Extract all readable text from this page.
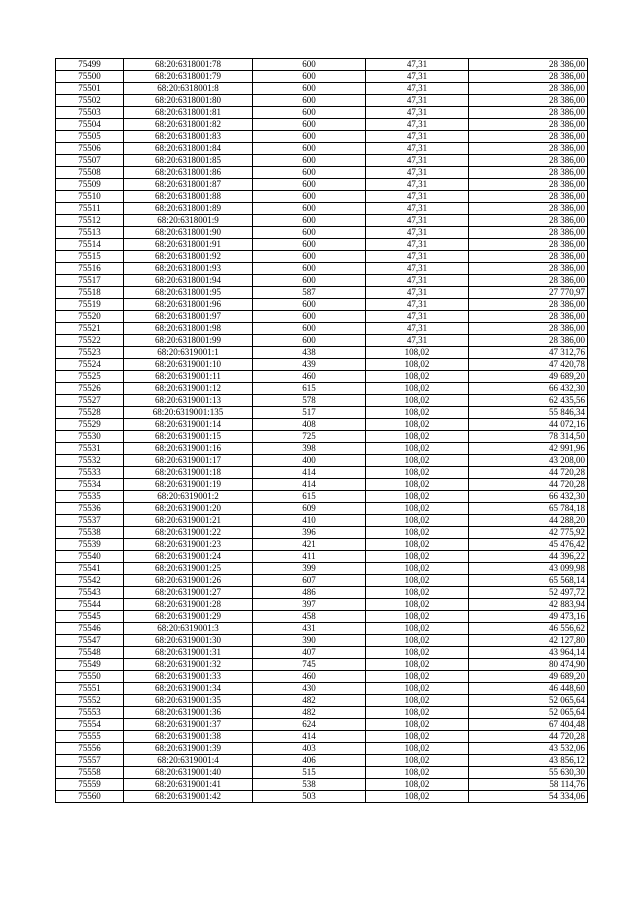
75499	68:20:6318001:78	600	47,31	28 386,00
75500	68:20:6318001:79	600	47,31	28 386,00
75501	68:20:6318001:8	600	47,31	28 386,00
75502	68:20:6318001:80	600	47,31	28 386,00
75503	68:20:6318001:81	600	47,31	28 386,00
75504	68:20:6318001:82	600	47,31	28 386,00
75505	68:20:6318001:83	600	47,31	28 386,00
75506	68:20:6318001:84	600	47,31	28 386,00
75507	68:20:6318001:85	600	47,31	28 386,00
75508	68:20:6318001:86	600	47,31	28 386,00
75509	68:20:6318001:87	600	47,31	28 386,00
75510	68:20:6318001:88	600	47,31	28 386,00
75511	68:20:6318001:89	600	47,31	28 386,00
75512	68:20:6318001:9	600	47,31	28 386,00
75513	68:20:6318001:90	600	47,31	28 386,00
75514	68:20:6318001:91	600	47,31	28 386,00
75515	68:20:6318001:92	600	47,31	28 386,00
75516	68:20:6318001:93	600	47,31	28 386,00
75517	68:20:6318001:94	600	47,31	28 386,00
75518	68:20:6318001:95	587	47,31	27 770,97
75519	68:20:6318001:96	600	47,31	28 386,00
75520	68:20:6318001:97	600	47,31	28 386,00
75521	68:20:6318001:98	600	47,31	28 386,00
75522	68:20:6318001:99	600	47,31	28 386,00
75523	68:20:6319001:1	438	108,02	47 312,76
75524	68:20:6319001:10	439	108,02	47 420,78
75525	68:20:6319001:11	460	108,02	49 689,20
75526	68:20:6319001:12	615	108,02	66 432,30
75527	68:20:6319001:13	578	108,02	62 435,56
75528	68:20:6319001:135	517	108,02	55 846,34
75529	68:20:6319001:14	408	108,02	44 072,16
75530	68:20:6319001:15	725	108,02	78 314,50
75531	68:20:6319001:16	398	108,02	42 991,96
75532	68:20:6319001:17	400	108,02	43 208,00
75533	68:20:6319001:18	414	108,02	44 720,28
75534	68:20:6319001:19	414	108,02	44 720,28
75535	68:20:6319001:2	615	108,02	66 432,30
75536	68:20:6319001:20	609	108,02	65 784,18
75537	68:20:6319001:21	410	108,02	44 288,20
75538	68:20:6319001:22	396	108,02	42 775,92
75539	68:20:6319001:23	421	108,02	45 476,42
75540	68:20:6319001:24	411	108,02	44 396,22
75541	68:20:6319001:25	399	108,02	43 099,98
75542	68:20:6319001:26	607	108,02	65 568,14
75543	68:20:6319001:27	486	108,02	52 497,72
75544	68:20:6319001:28	397	108,02	42 883,94
75545	68:20:6319001:29	458	108,02	49 473,16
75546	68:20:6319001:3	431	108,02	46 556,62
75547	68:20:6319001:30	390	108,02	42 127,80
75548	68:20:6319001:31	407	108,02	43 964,14
75549	68:20:6319001:32	745	108,02	80 474,90
75550	68:20:6319001:33	460	108,02	49 689,20
75551	68:20:6319001:34	430	108,02	46 448,60
75552	68:20:6319001:35	482	108,02	52 065,64
75553	68:20:6319001:36	482	108,02	52 065,64
75554	68:20:6319001:37	624	108,02	67 404,48
75555	68:20:6319001:38	414	108,02	44 720,28
75556	68:20:6319001:39	403	108,02	43 532,06
75557	68:20:6319001:4	406	108,02	43 856,12
75558	68:20:6319001:40	515	108,02	55 630,30
75559	68:20:6319001:41	538	108,02	58 114,76
75560	68:20:6319001:42	503	108,02	54 334,06
